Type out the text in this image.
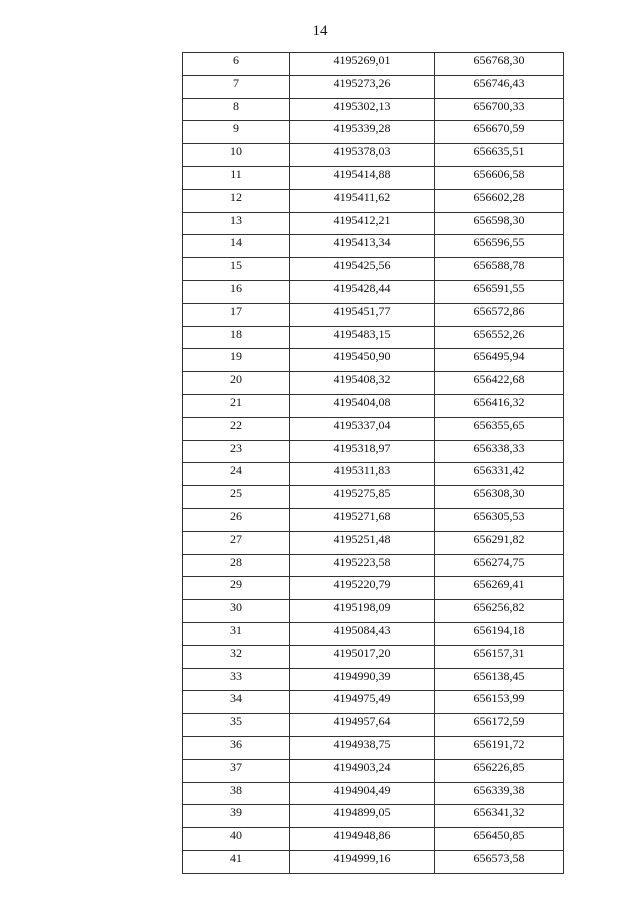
14
6	4195269,01	656768,30
7	4195273,26	656746,43
8	4195302,13	656700,33
9	4195339,28	656670,59
10	4195378,03	656635,51
11	4195414,88	656606,58
12	4195411,62	656602,28
13	4195412,21	656598,30
14	4195413,34	656596,55
15	4195425,56	656588,78
16	4195428,44	656591,55
17	4195451,77	656572,86
18	4195483,15	656552,26
19	4195450,90	656495,94
20	4195408,32	656422,68
21	4195404,08	656416,32
22	4195337,04	656355,65
23	4195318,97	656338,33
24	4195311,83	656331,42
25	4195275,85	656308,30
26	4195271,68	656305,53
27	4195251,48	656291,82
28	4195223,58	656274,75
29	4195220,79	656269,41
30	4195198,09	656256,82
31	4195084,43	656194,18
32	4195017,20	656157,31
33	4194990,39	656138,45
34	4194975,49	656153,99
35	4194957,64	656172,59
36	4194938,75	656191,72
37	4194903,24	656226,85
38	4194904,49	656339,38
39	4194899,05	656341,32
40	4194948,86	656450,85
41	4194999,16	656573,58
